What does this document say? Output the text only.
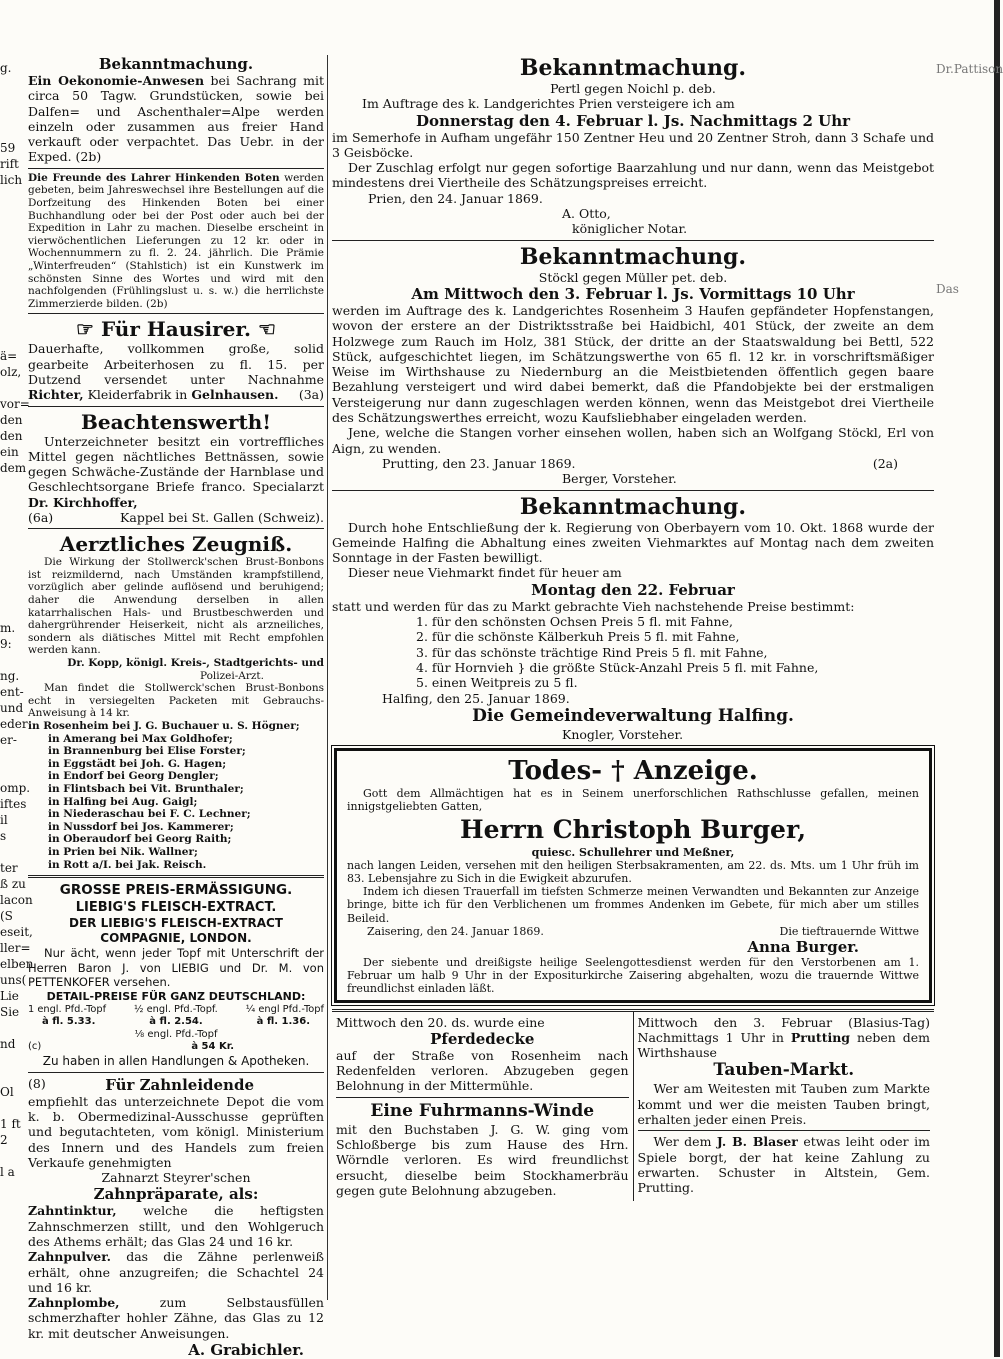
g.

59
rift
lich

ä=
olz,

vor=
den
den
ein
dem

m.
9:

ng.
ent-
und
eder
er-

omp.
iftes
il
s

ter
ß zu
lacon
(S
eseit,
ller=
elben
uns(
Lie
Sie

nd

Ol

1 ft
2

l a
Dr.Pattison

Das
Bekanntmachung.

Ein Oekonomie-Anwesen bei Sachrang mit circa 50 Tagw. Grundstücken, sowie bei Dalfen= und Aschenthaler=Alpe werden einzeln oder zusammen aus freier Hand verkauft oder verpachtet. Das Uebr. in der Exped. (2b)

Die Freunde des Lahrer Hinkenden Boten werden gebeten, beim Jahreswechsel ihre Bestellungen auf die Dorfzeitung des Hinkenden Boten bei einer Buchhandlung oder bei der Post oder auch bei der Expedition in Lahr zu machen. Dieselbe erscheint in vierwöchentlichen Lieferungen zu 12 kr. oder in Wochennummern zu fl. 2. 24. jährlich. Die Prämie „Winterfreuden“ (Stahlstich) ist ein Kunstwerk im schönsten Sinne des Wortes und wird mit den nachfolgenden (Frühlingslust u. s. w.) die herrlichste Zimmerzierde bilden. (2b)

☞ Für Hausirer. ☜

Dauerhafte, vollkommen große, solid gearbeite Arbeiterhosen zu fl. 15. per Dutzend versendet unter Nachnahme Richter, Kleiderfabrik in Gelnhausen. (3a)

Beachtenswerth!

Unterzeichneter besitzt ein vortreffliches Mittel gegen nächtliches Bettnässen, sowie gegen Schwäche-Zustände der Harnblase und Geschlechtsorgane Briefe franco. Specialarzt Dr. Kirchhoffer,

(6a)	Kappel bei St. Gallen (Schweiz).
Aerztliches Zeugniß.

Die Wirkung der Stollwerck'schen Brust-Bonbons ist reizmildernd, nach Umständen krampfstillend, vorzüglich aber gelinde auflösend und beruhigend; daher die Anwendung derselben in allen katarrhalischen Hals- und Brustbeschwerden und dahergrührender Heiserkeit, nicht als arzneiliches, sondern als diätisches Mittel mit Recht empfohlen werden kann.

Dr. Kopp, königl. Kreis-, Stadtgerichts- und

Polizei-Arzt.

Man findet die Stollwerck'schen Brust-Bonbons echt in versiegelten Packeten mit Gebrauchs-Anweisung à 14 kr.

in Rosenheim bei J. G. Buchauer u. S. Högner;
in Amerang bei Max Goldhofer;
in Brannenburg bei Elise Forster;
in Eggstädt bei Joh. G. Hagen;
in Endorf bei Georg Dengler;
in Flintsbach bei Vit. Brunthaler;
in Halfing bei Aug. Gaigl;
in Niederaschau bei F. C. Lechner;
in Nussdorf bei Jos. Kammerer;
in Oberaudorf bei Georg Raith;
in Prien bei Nik. Wallner;
in Rott a/I. bei Jak. Reisch.
GROSSE PREIS-ERMÄSSIGUNG.
LIEBIG'S FLEISCH-EXTRACT.
DER LIEBIG'S FLEISCH-EXTRACT
COMPAGNIE, LONDON.

Nur ächt, wenn jeder Topf mit Unterschrift der Herren Baron J. von LIEBIG und Dr. M. von PETTENKOFER versehen.

DETAIL-PREISE FÜR GANZ DEUTSCHLAND:
1 engl. Pfd.-Topf	½ engl. Pfd.-Topf.	¼ engl Pfd.-Topf
à fl. 5.33.	à fl. 2.54.	à fl. 1.36.
⅛ engl. Pfd.-Topf
(c)	à 54 Kr.
Zu haben in allen Handlungen & Apotheken.
(8)	Für Zahnleidende

empfiehlt das unterzeichnete Depot die vom k. b. Obermedizinal-Ausschusse geprüften und begutachteten, vom königl. Ministerium des Innern und des Handels zum freien Verkaufe genehmigten

Zahnarzt Steyrer'schen
Zahnpräparate, als:

Zahntinktur, welche die heftigsten Zahnschmerzen stillt, und den Wohlgeruch des Athems erhält; das Glas 24 und 16 kr.

Zahnpulver. das die Zähne perlenweiß erhält, ohne anzugreifen; die Schachtel 24 und 16 kr.

Zahnplombe,	zum Selbstausfüllen schmerzhafter hohler Zähne, das Glas zu 12 kr. mit deutscher Anweisungen.

A. Grabichler.
Bekanntmachung.
Pertl gegen Noichl p. deb.

Im Auftrage des k. Landgerichtes Prien versteigere ich am

Donnerstag den 4. Februar l. Js. Nachmittags 2 Uhr

im Semerhofe in Aufham ungefähr 150 Zentner Heu und 20 Zentner Stroh, dann 3 Schafe und 3 Geisböcke.

Der Zuschlag erfolgt nur gegen sofortige Baarzahlung und nur dann, wenn das Meistgebot mindestens drei Viertheile des Schätzungspreises erreicht.

Prien, den 24. Januar 1869.

A. Otto,

königlicher Notar.

Bekanntmachung.
Stöckl gegen Müller pet. deb.
Am Mittwoch den 3. Februar l. Js. Vormittags 10 Uhr

werden im Auftrage des k. Landgerichtes Rosenheim 3 Haufen gepfändeter Hopfenstangen, wovon der erstere an der Distriktsstraße bei Haidbichl, 401 Stück, der zweite an dem Holzwege zum Rauch im Holz, 381 Stück, der dritte an der Staatswaldung bei Bettl, 522 Stück, aufgeschichtet liegen, im Schätzungswerthe von 65 fl. 12 kr. in vorschriftsmäßiger Weise im Wirthshause zu Niedernburg an die Meistbietenden öffentlich gegen baare Bezahlung versteigert und wird dabei bemerkt, daß die Pfandobjekte bei der erstmaligen Versteigerung nur dann zugeschlagen werden können, wenn das Meistgebot drei Viertheile des Schätzungswerthes erreicht, wozu Kaufsliebhaber eingeladen werden.

Jene, welche die Stangen vorher einsehen wollen, haben sich an Wolfgang Stöckl, Erl von Aign, zu wenden.

Prutting, den 23. Januar 1869.	(2a)

Berger, Vorsteher.

Bekanntmachung.

Durch hohe Entschließung der k. Regierung von Oberbayern vom 10. Okt. 1868 wurde der Gemeinde Halfing die Abhaltung eines zweiten Viehmarktes auf Montag nach dem zweiten Sonntage in der Fasten bewilligt.

Dieser neue Viehmarkt findet für heuer am

Montag den 22. Februar

statt und werden für das zu Markt gebrachte Vieh nachstehende Preise bestimmt:

1. für den schönsten Ochsen Preis 5 fl. mit Fahne,
2. für die schönste Kälberkuh Preis 5 fl. mit Fahne,
3. für das schönste trächtige Rind Preis 5 fl. mit Fahne,
4. für Hornvieh } die größte Stück-Anzahl Preis 5 fl. mit Fahne,
5. einen Weitpreis zu 5 fl.

Halfing, den 25. Januar 1869.

Die Gemeindeverwaltung Halfing.

Knogler, Vorsteher.

Todes- † Anzeige.

Gott dem Allmächtigen hat es in Seinem unerforschlichen Rathschlusse gefallen, meinen innigstgeliebten Gatten,

Herrn Christoph Burger,
quiesc. Schullehrer und Meßner,

nach langen Leiden, versehen mit den heiligen Sterbsakramenten, am 22. ds. Mts. um 1 Uhr früh im 83. Lebensjahre zu Sich in die Ewigkeit abzurufen.

Indem ich diesen Trauerfall im tiefsten Schmerze meinen Verwandten und Bekannten zur Anzeige bringe, bitte ich für den Verblichenen um frommes Andenken im Gebete, für mich aber um stilles Beileid.

Zaisering, den 24. Januar 1869.	Die tieftrauernde Wittwe
Anna Burger.

Der siebente und dreißigste heilige Seelengottesdienst werden für den Verstorbenen am 1. Februar um halb 9 Uhr in der Expositurkirche Zaisering abgehalten, wozu die trauernde Wittwe freundlichst einladen läßt.

Mittwoch den 20. ds. wurde eine

Pferdedecke

auf der Straße von Rosenheim nach Redenfelden verloren. Abzugeben gegen Belohnung in der Mittermühle.

Eine Fuhrmanns-Winde

mit den Buchstaben J. G. W. ging vom Schloßberge bis zum Hause des Hrn. Wörndle verloren. Es wird freundlichst ersucht, dieselbe beim Stockhamerbräu gegen gute Belohnung abzugeben.

Mittwoch den 3. Februar (Blasius-Tag) Nachmittags 1 Uhr in Prutting neben dem Wirthshause

Tauben-Markt.

Wer am Weitesten mit Tauben zum Markte kommt und wer die meisten Tauben bringt, erhalten jeder einen Preis.

Wer dem J. B. Blaser etwas leiht oder im Spiele borgt, der hat keine Zahlung zu erwarten. Schuster in Altstein, Gem. Prutting.
